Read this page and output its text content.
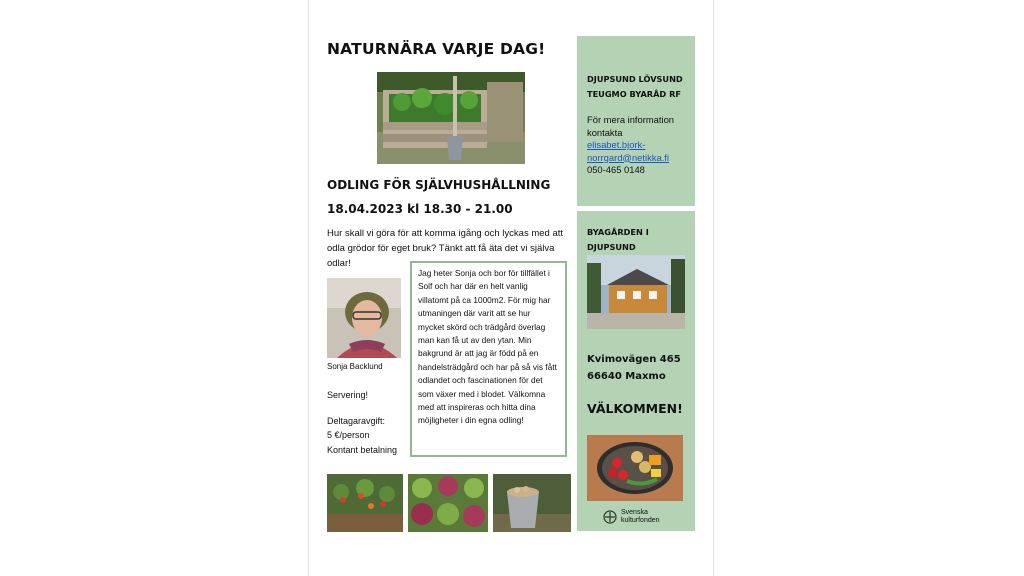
NATURNÄRA VARJE DAG!
ODLING FÖR SJÄLVHUSHÅLLNING
18.04.2023 kl 18.30 - 21.00
Hur skall vi göra för att komma igång och lyckas med att odla grödor för eget bruk? Tänkt att få äta det vi själva odlar!
Sonja Backlund
Servering!
Deltagaravgift:
5 €/person
Kontant betalning
Jag heter Sonja och bor för tillfället i Solf och har där en helt vanlig villatomt på ca 1000m2. För mig har utmaningen där varit att se hur mycket skörd och trädgård överlag man kan få ut av den ytan. Min bakgrund är att jag är född på en handelsträdgård och har på så vis fått odlandet och fascinationen för det som växer med i blodet. Välkomna med att inspireras och hitta dina möjligheter i din egna odling!
DJUPSUND LÖVSUND
TEUGMO BYARÅD RF
För mera information
kontakta
elisabet.bjork-
norrgard@netikka.fi
050-465 0148
BYAGÅRDEN I
DJUPSUND
Kvimovägen 465
66640 Maxmo
VÄLKOMMEN!
Svenska
kulturfonden
